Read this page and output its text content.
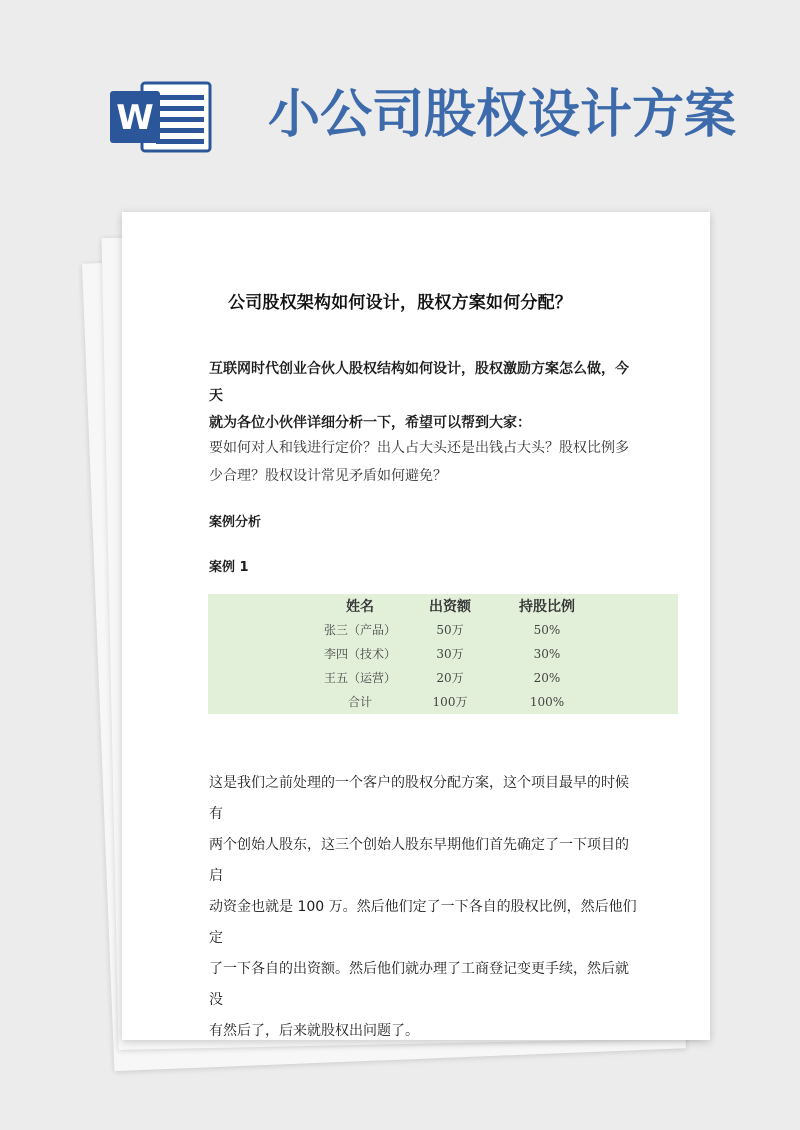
W 小公司股权设计方案
公司股权架构如何设计，股权方案如何分配？
互联网时代创业合伙人股权结构如何设计，股权激励方案怎么做，今天
就为各位小伙伴详细分析一下，希望可以帮到大家：
要如何对人和钱进行定价？出人占大头还是出钱占大头？股权比例多
少合理？股权设计常见矛盾如何避免？
案例分析
案例 1
姓名	出资额	持股比例
张三（产品）	50万	50%
李四（技术）	30万	30%
王五（运营）	20万	20%
合计	100万	100%
这是我们之前处理的一个客户的股权分配方案，这个项目最早的时候有
两个创始人股东，这三个创始人股东早期他们首先确定了一下项目的启
动资金也就是 100 万。然后他们定了一下各自的股权比例，然后他们定
了一下各自的出资额。然后他们就办理了工商登记变更手续，然后就没
有然后了，后来就股权出问题了。
